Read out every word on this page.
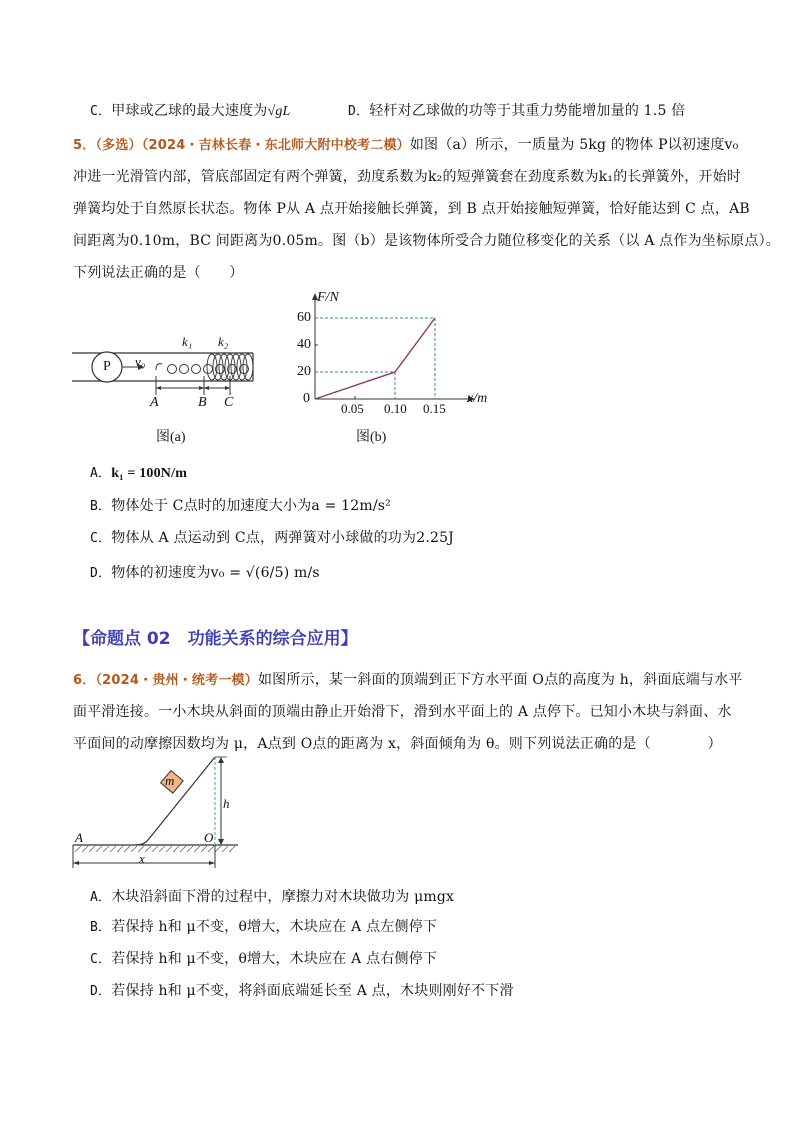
C．甲球或乙球的最大速度为√gL	D．轻杆对乙球做的功等于其重力势能增加量的 1.5 倍
5．（多选）（2024・吉林长春・东北师大附中校考二模）如图（a）所示，一质量为 5kg 的物体 P以初速度v₀
冲进一光滑管内部，管底部固定有两个弹簧，劲度系数为k₂的短弹簧套在劲度系数为k₁的长弹簧外，开始时
弹簧均处于自然原长状态。物体 P从 A 点开始接触长弹簧，到 B 点开始接触短弹簧，恰好能达到 C 点，AB
间距离为0.10m，BC 间距离为0.05m。图（b）是该物体所受合力随位移变化的关系（以 A 点作为坐标原点）。
下列说法正确的是（　　）
P v₀
k₁ k₂
A	B C
图(a)
F/N
0
20
40
60
0.05 0.10 0.15
x/m
图(b)
A．k₁ = 100N/m
B．物体处于 C点时的加速度大小为a = 12m/s²
C．物体从 A 点运动到 C点，两弹簧对小球做的功为2.25J
D．物体的初速度为v₀ = √(6/5) m/s
【命题点 02　功能关系的综合应用】
6．（2024・贵州・统考一模）如图所示，某一斜面的顶端到正下方水平面 O点的高度为 h，斜面底端与水平
面平滑连接。一小木块从斜面的顶端由静止开始滑下，滑到水平面上的 A 点停下。已知小木块与斜面、水
平面间的动摩擦因数均为 μ，A点到 O点的距离为 x，斜面倾角为 θ。则下列说法正确的是（　　　　）
m
h
O
A
x
A．木块沿斜面下滑的过程中，摩擦力对木块做功为 μmgx
B．若保持 h和 μ不变，θ增大，木块应在 A 点左侧停下
C．若保持 h和 μ不变，θ增大，木块应在 A 点右侧停下
D．若保持 h和 μ不变，将斜面底端延长至 A 点，木块则刚好不下滑
